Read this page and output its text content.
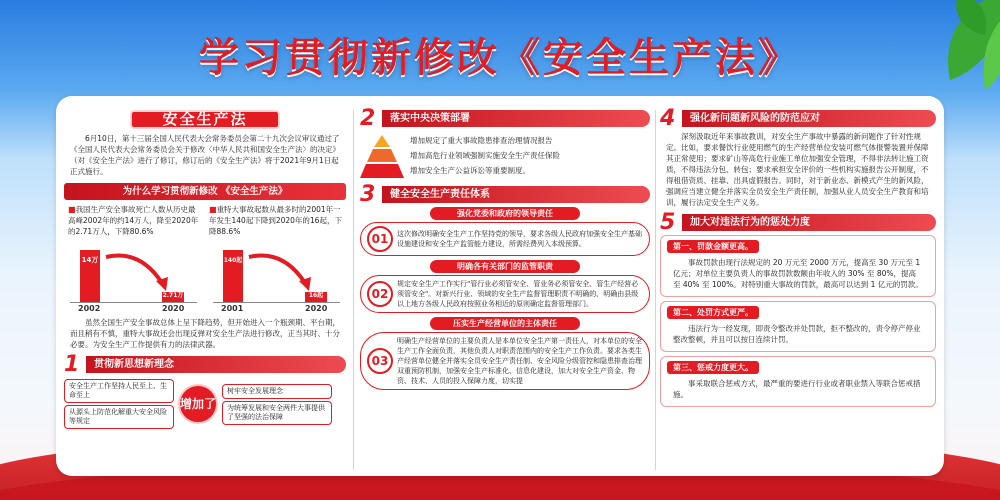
学习贯彻新修改《安全生产法》
安全生产法

6月10日，第十三届全国人民代表大会常务委员会第二十九次会议审议通过了《全国人民代表大会常务委员会关于修改〈中华人民共和国安全生产法〉的决定》（对《安全生产法》进行了修订，修订后的《安全生产法》将于2021年9月1日起正式施行。

为什么学习贯彻新修改 《安全生产法》
■我国生产安全事故死亡人数从历史最高峰2002年的约14万人，降至2020年的2.71万人，下降80.6%
■重特大事故起数从最多时的2001年一年发生140起下降到2020年的16起，下降88.6%
14万
2.71万
2002	2020
140起
16起
2001	2020

虽然全国生产安全事故总体上呈下降趋势，但开始进入一个瓶颈期、平台期，而且稍有不慎，重特大事故还会出现反弹对安全生产法进行修改，正当其时、十分必要。为安全生产工作提供有力的法律武器。

1	贯彻新思想新理念
安全生产工作坚持人民至上、生命至上
从源头上防范化解重大安全风险等规定
增加了
树牢安全发展理念
为统筹发展和安全两件大事提供了坚强的法治保障
2	落实中央决策部署
增加规定了重大事故隐患排查治理情况报告
增加高危行业领域强制实施安全生产责任保险
增加安全生产公益诉讼等重要制度。
3	健全安全生产责任体系
强化党委和政府的领导责任
01	这次修改明确安全生产工作坚持党的领导，要求各级人民政府加强安全生产基础设施建设和安全生产监管能力建设，所需经费列入本级预算。
明确各有关部门的监管职责
02
规定安全生产工作实行"管行业必须管安全、管业务必须管安全、管生产经营必须管安全"。对新兴行业、领域的安全生产监督管理职责不明确的，明确由县级以上地方各级人民政府按照业务相近的原则确定监督管理部门。
压实生产经营单位的主体责任
03
明确生产经营单位的主要负责人是本单位安全生产第一责任人，对本单位的安全生产工作全面负责，其他负责人对职责范围内的安全生产工作负责。要求各类生产经营单位健全并落实全员安全生产责任制、安全风险分级管控和隐患排查治理双重预防机制，加强安全生产标准化、信息化建设，加大对安全生产资金、物资、技术、人员的投入保障力度，切实提
4	强化新问题新风险的防范应对

深刻汲取近年来事故教训，对安全生产事故中暴露的新问题作了针对性规定。比如，要求餐饮行业使用燃气的生产经营单位安装可燃气体报警装置并保障其正常使用；要求矿山等高危行业施工单位加强安全管理，不得非法转让施工资质，不得违法分包、转包；要求承担安全评价的一些机构实施报告公开制度，不得租借资质、挂靠、出具虚假报告。同时，对于新业态、新模式产生的新风险，强调应当建立健全并落实全员安全生产责任制，加强从业人员安全生产教育和培训，履行法定安全生产义务。

5	加大对违法行为的惩处力度
第一、罚款金额更高。

事故罚款由现行法规定的 20 万元至 2000 万元，提高至 30 万元至 1 亿元；对单位主要负责人的事故罚款数额由年收入的 30% 至 80%，提高至 40% 至 100%。对特别重大事故的罚款，最高可以达到 1 亿元的罚款。

第二、处罚方式更严。

违法行为一经发现，即责令整改并处罚款，拒不整改的，责令停产停业整改整顿，并且可以按日连续计罚。

第三、惩戒力度更大。

事采取联合惩戒方式，最严重的要进行行业或者职业禁入等联合惩戒措施。
